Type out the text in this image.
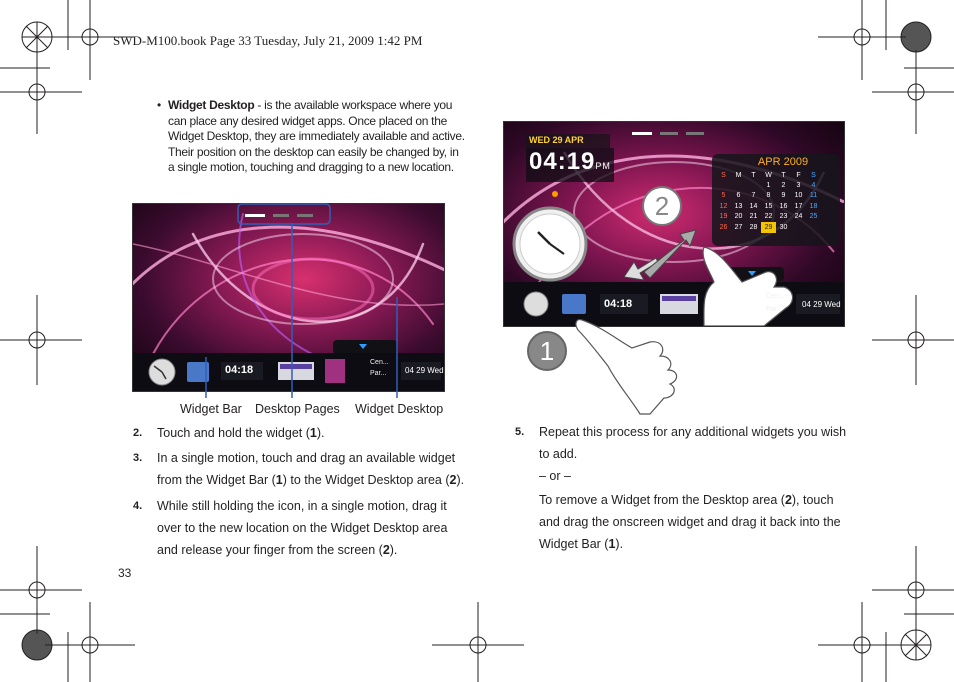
SWD-M100.book Page 33 Tuesday, July 21, 2009 1:42 PM
• Widget Desktop - is the available workspace where you can place any desired widget apps. Once placed on the Widget Desktop, they are immediately available and active. Their position on the desktop can easily be changed by, in a single motion, touching and dragging to a new location.
04:18
Cen...
Par... 04 29 Wed
Widget Bar Desktop Pages Widget Desktop
WED 29 APR
04:19PM	APR 2009
S	M	T	W	T	F	S
			1	2	3	4
5	6	7	8	9	10	11
12	13	14	15	16	17	18
19	20	21	22	23	24	25
26	27	28	29	30		
04:18
Cen...
Par...
04 29 Wed
2
1
2. Touch and hold the widget (1).
3. In a single motion, touch and drag an available widget from the Widget Bar (1) to the Widget Desktop area (2).
4. While still holding the icon, in a single motion, drag it over to the new location on the Widget Desktop area and release your finger from the screen (2).
5. Repeat this process for any additional widgets you wish to add.
– or –

To remove a Widget from the Desktop area (2), touch and drag the onscreen widget and drag it back into the Widget Bar (1).
33
